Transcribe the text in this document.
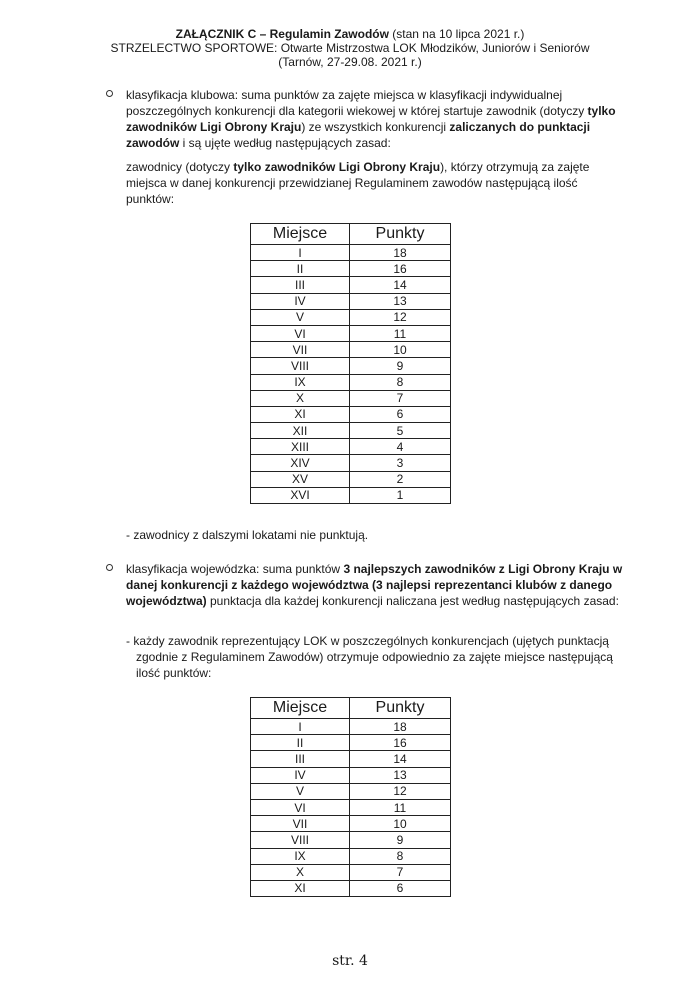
ZAŁĄCZNIK C – Regulamin Zawodów (stan na 10 lipca 2021 r.)
STRZELECTWO SPORTOWE: Otwarte Mistrzostwa LOK Młodzików, Juniorów i Seniorów
(Tarnów, 27-29.08. 2021 r.)
klasyfikacja klubowa: suma punktów za zajęte miejsca w klasyfikacji indywidualnej poszczególnych konkurencji dla kategorii wiekowej w której startuje zawodnik (dotyczy tylko zawodników Ligi Obrony Kraju) ze wszystkich konkurencji zaliczanych do punktacji zawodów i są ujęte według następujących zasad:
zawodnicy (dotyczy tylko zawodników Ligi Obrony Kraju), którzy otrzymują za zajęte miejsca w danej konkurencji przewidzianej Regulaminem zawodów następującą ilość punktów:
Miejsce	Punkty
I	18
II	16
III	14
IV	13
V	12
VI	11
VII	10
VIII	9
IX	8
X	7
XI	6
XII	5
XIII	4
XIV	3
XV	2
XVI	1
- zawodnicy z dalszymi lokatami nie punktują.
klasyfikacja wojewódzka: suma punktów 3 najlepszych zawodników z Ligi Obrony Kraju w danej konkurencji z każdego województwa (3 najlepsi reprezentanci klubów z danego województwa) punktacja dla każdej konkurencji naliczana jest według następujących zasad:
- każdy zawodnik reprezentujący LOK w poszczególnych konkurencjach (ujętych punktacją zgodnie z Regulaminem Zawodów) otrzymuje odpowiednio za zajęte miejsce następującą ilość punktów:
Miejsce	Punkty
I	18
II	16
III	14
IV	13
V	12
VI	11
VII	10
VIII	9
IX	8
X	7
XI	6
str. 4
